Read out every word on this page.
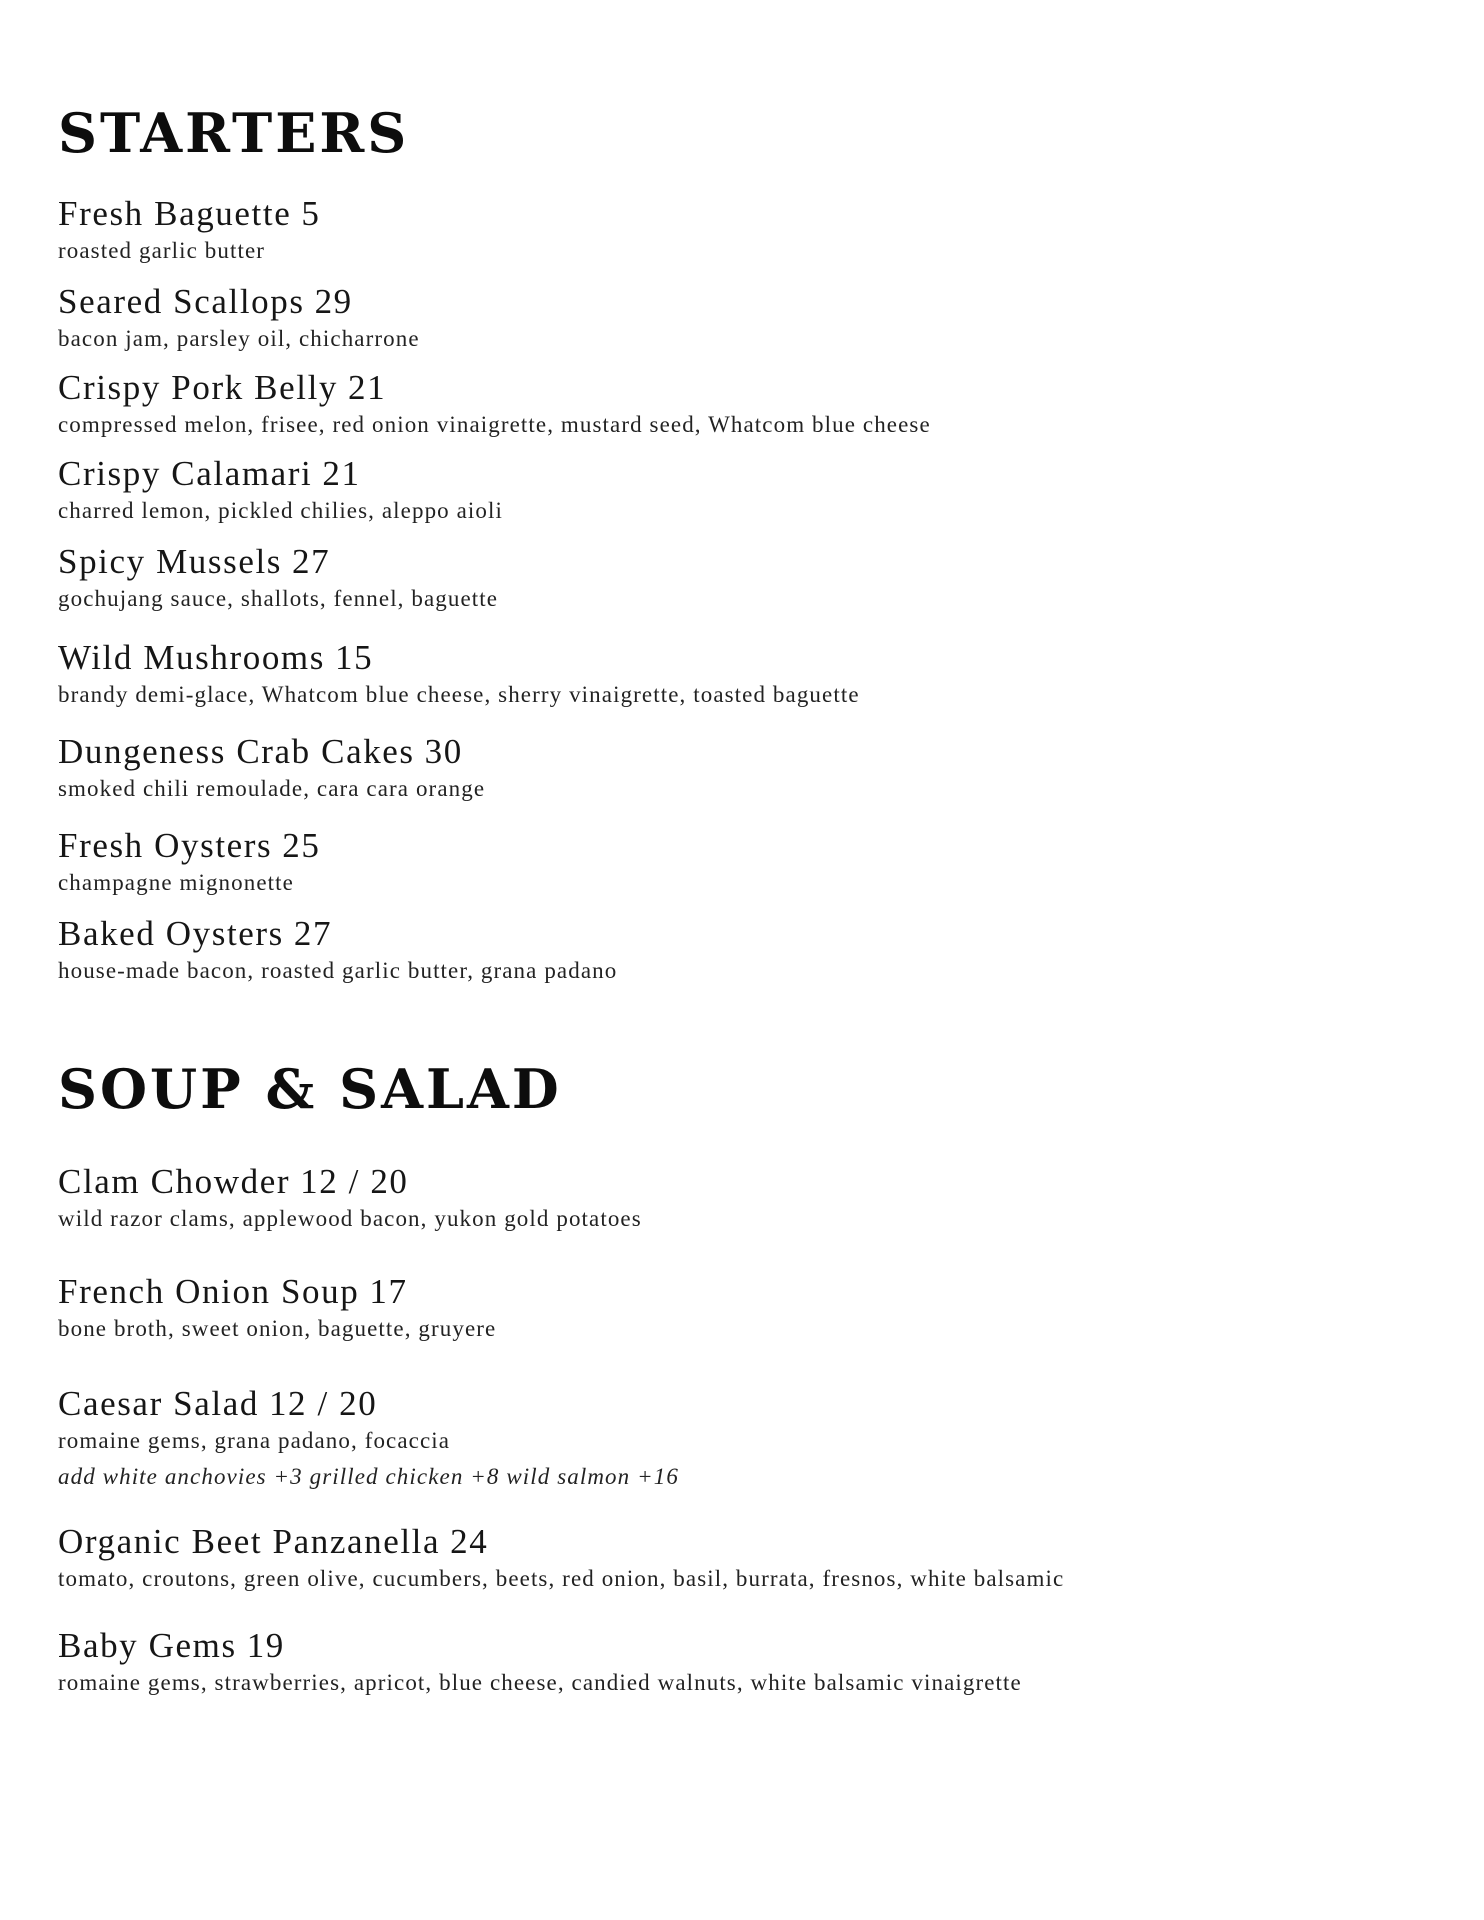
STARTERS
Fresh Baguette 5
roasted garlic butter
Seared Scallops 29
bacon jam, parsley oil, chicharrone
Crispy Pork Belly 21
compressed melon, frisee, red onion vinaigrette, mustard seed, Whatcom blue cheese
Crispy Calamari 21
charred lemon, pickled chilies, aleppo aioli
Spicy Mussels 27
gochujang sauce, shallots, fennel, baguette
Wild Mushrooms 15
brandy demi-glace, Whatcom blue cheese, sherry vinaigrette, toasted baguette
Dungeness Crab Cakes 30
smoked chili remoulade, cara cara orange
Fresh Oysters 25
champagne mignonette
Baked Oysters 27
house-made bacon, roasted garlic butter, grana padano
SOUP & SALAD
Clam Chowder 12 / 20
wild razor clams, applewood bacon, yukon gold potatoes
French Onion Soup 17
bone broth, sweet onion, baguette, gruyere
Caesar Salad 12 / 20
romaine gems, grana padano, focaccia
add white anchovies +3 grilled chicken +8 wild salmon +16
Organic Beet Panzanella 24
tomato, croutons, green olive, cucumbers, beets, red onion, basil, burrata, fresnos, white balsamic
Baby Gems 19
romaine gems, strawberries, apricot, blue cheese, candied walnuts, white balsamic vinaigrette
